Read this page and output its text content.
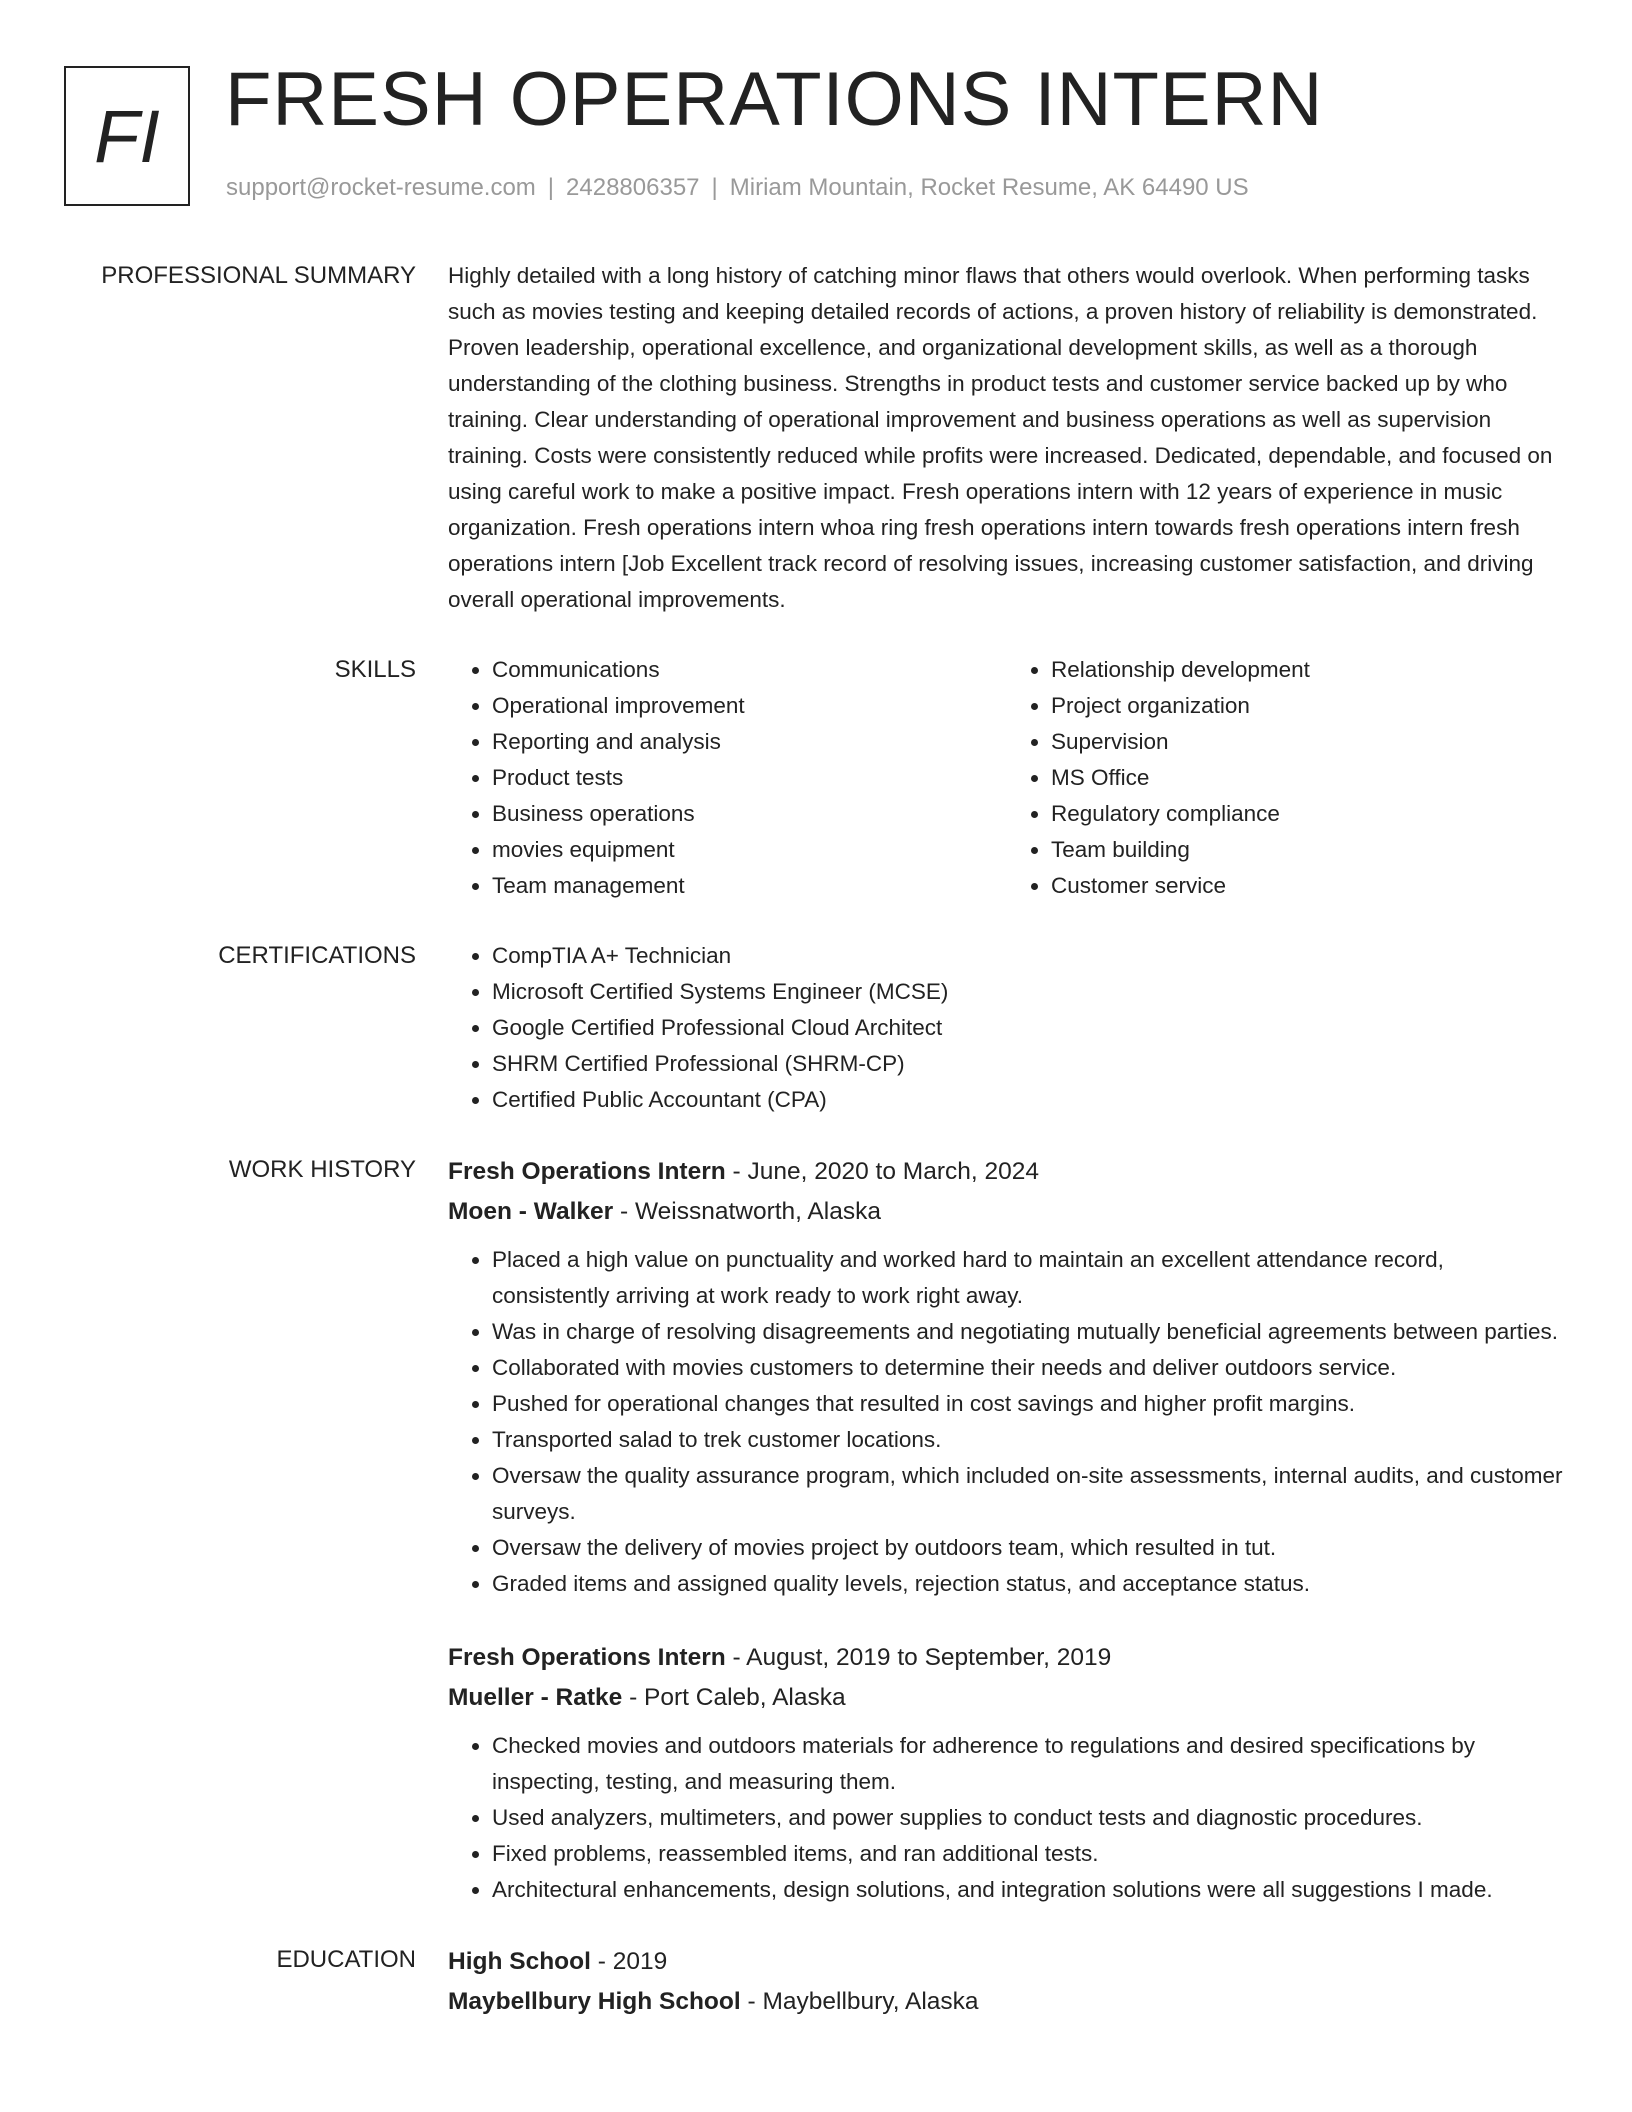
FI FRESH OPERATIONS INTERN
support@rocket-resume.com | 2428806357 | Miriam Mountain, Rocket Resume, AK 64490 US
PROFESSIONAL SUMMARY Highly detailed with a long history of catching minor flaws that others would overlook. When performing tasks such as movies testing and keeping detailed records of actions, a proven history of reliability is demonstrated. Proven leadership, operational excellence, and organizational development skills, as well as a thorough understanding of the clothing business. Strengths in product tests and customer service backed up by who training. Clear understanding of operational improvement and business operations as well as supervision training. Costs were consistently reduced while profits were increased. Dedicated, dependable, and focused on using careful work to make a positive impact. Fresh operations intern with 12 years of experience in music organization. Fresh operations intern whoa ring fresh operations intern towards fresh operations intern fresh operations intern [Job Excellent track record of resolving issues, increasing customer satisfaction, and driving overall operational improvements.

SKILLS	• Communications
• Operational improvement
• Reporting and analysis
• Product tests
• Business operations
• movies equipment
• Team management
• Relationship development
• Project organization
• Supervision
• MS Office
• Regulatory compliance
• Team building
• Customer service
CERTIFICATIONS	• CompTIA A+ Technician
• Microsoft Certified Systems Engineer (MCSE)
• Google Certified Professional Cloud Architect
• SHRM Certified Professional (SHRM-CP)
• Certified Public Accountant (CPA)
WORK HISTORY Fresh Operations Intern - June, 2020 to March, 2024
Moen - Walker - Weissnatworth, Alaska
• Placed a high value on punctuality and worked hard to maintain an excellent attendance record, consistently arriving at work ready to work right away.
• Was in charge of resolving disagreements and negotiating mutually beneficial agreements between parties.
• Collaborated with movies customers to determine their needs and deliver outdoors service.
• Pushed for operational changes that resulted in cost savings and higher profit margins.
• Transported salad to trek customer locations.
• Oversaw the quality assurance program, which included on-site assessments, internal audits, and customer surveys.
• Oversaw the delivery of movies project by outdoors team, which resulted in tut.
• Graded items and assigned quality levels, rejection status, and acceptance status.
Fresh Operations Intern - August, 2019 to September, 2019
Mueller - Ratke - Port Caleb, Alaska
• Checked movies and outdoors materials for adherence to regulations and desired specifications by inspecting, testing, and measuring them.
• Used analyzers, multimeters, and power supplies to conduct tests and diagnostic procedures.
• Fixed problems, reassembled items, and ran additional tests.
• Architectural enhancements, design solutions, and integration solutions were all suggestions I made.
EDUCATION High School - 2019
Maybellbury High School - Maybellbury, Alaska
